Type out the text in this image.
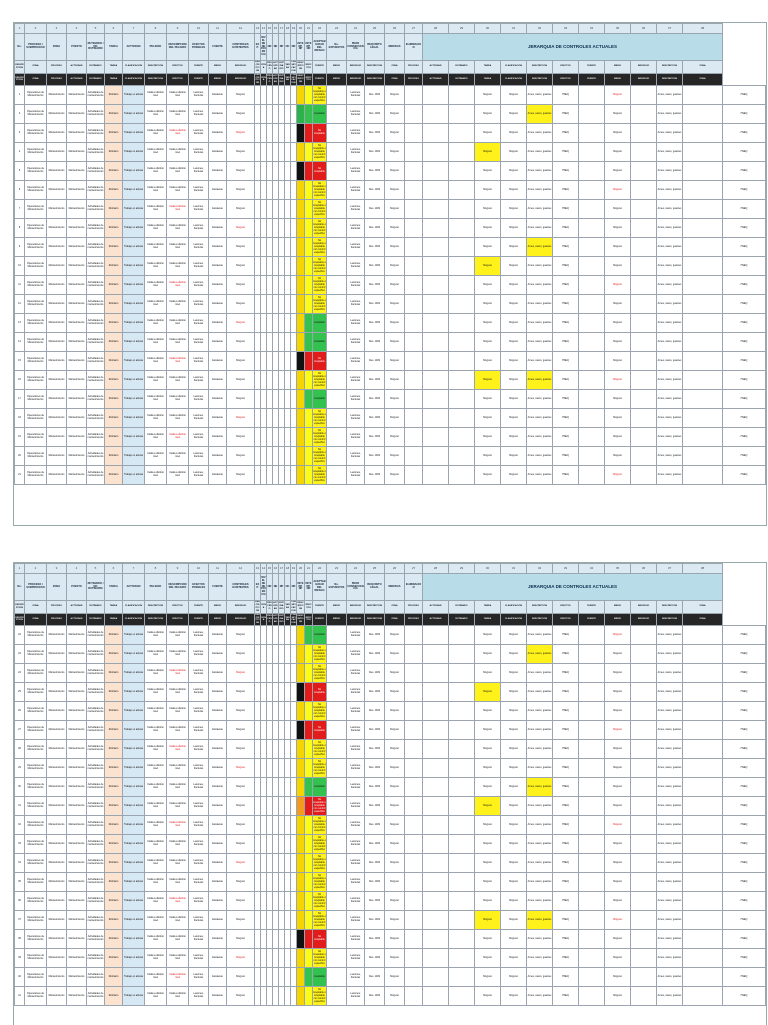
1	2	3	4	5	6	7	8	9	10	11	12	13	14	15	16	17	18	19	20	21	22	23	24	25	26	27	28	29	30	31	32	33	34	35	36	37	38	
No.	PROCESO / SUBPROCESO	ZONA	PUESTO	RUTINARIO / NO RUTINARIO	TAREA	ACTIVIDAD	PELIGRO	DESCRIPCION DEL PELIGRO	EFECTOS POSIBLES	FUENTE	CONTROLES EXISTENTES	EXP.	NIVEL DE DEFICIENCIA	ND	NE	NP	NC	NR	INTERP. NP	INTERP. NR	ACEPTABILIDAD DEL RIESGO	No. EXPUESTOS	PEOR CONSECUENCIA	REQUISITO LEGAL	MEDIDAS	ELIMINACION	JERARQUIA DE CONTROLES ACTUALES											
DESCRIPCION	ZONA	PROCESO	ACTIVIDAD	RUTINARIO	TAREA	CLASIFICACION	DESCRIPCION	EFECTOS	FUENTE	MEDIO	INDIVIDUO	DESCRIPCION	ZONA	PROCESO	ACTIVIDAD	RUTINARIO	TAREA	CLASIFICACION	DESCRIPCION	EFECTOS	FUENTE	MEDIO	INDIVIDUO	DESCRIPCION	ZONA	PROCESO	ACTIVIDAD	RUTINARIO	TAREA	CLASIFICACION	DESCRIPCION	EFECTOS	FUENTE	MEDIO	INDIVIDUO	DESCRIPCION	ZONA	
DESCRIPCION	ZONA	PROCESO	ACTIVIDAD	RUTINARIO	TAREA	CLASIFICACION	DESCRIPCION	EFECTOS	FUENTE	MEDIO	INDIVIDUO	DESCRIPCION	ZONA	PROCESO	ACTIVIDAD	RUTINARIO	TAREA	CLASIFICACION	DESCRIPCION	EFECTOS	FUENTE	MEDIO	INDIVIDUO	DESCRIPCION	ZONA	PROCESO	ACTIVIDAD	RUTINARIO	TAREA	CLASIFICACION	DESCRIPCION	EFECTOS	FUENTE	MEDIO	INDIVIDUO	DESCRIPCION	ZONA	
1	Operaciones de Mantenimiento	Mantenimiento	Mantenimiento	Actividades de mantenimiento	Rutinario	Trabajo en alturas	Caida a distinto nivel	Caida a distinto nivel	Lesiones, fracturas	Escaleras	Ninguno										No Aceptable o Aceptable con control especifico		Lesiones, fracturas	Res. 1409	Ninguno				Ninguno	Ninguno	Arnes, casco, guantes	HSEQ		Ninguno		Arnes, casco, guantes		HSEQ
2	Operaciones de Mantenimiento	Mantenimiento	Mantenimiento	Actividades de mantenimiento	Rutinario	Trabajo en alturas	Caida a distinto nivel	Caida a distinto nivel	Lesiones, fracturas	Escaleras	Ninguno										Aceptable		Lesiones, fracturas	Res. 1409	Ninguno				Ninguno	Ninguno	Arnes, casco, guantes	HSEQ		Ninguno		Arnes, casco, guantes		HSEQ
3	Operaciones de Mantenimiento	Mantenimiento	Mantenimiento	Actividades de mantenimiento	Rutinario	Trabajo en alturas	Caida a distinto nivel	Caida a distinto nivel	Lesiones, fracturas	Escaleras	Ninguno										No Aceptable		Lesiones, fracturas	Res. 1409	Ninguno				Ninguno	Ninguno	Arnes, casco, guantes	HSEQ		Ninguno		Arnes, casco, guantes		HSEQ
4	Operaciones de Mantenimiento	Mantenimiento	Mantenimiento	Actividades de mantenimiento	Rutinario	Trabajo en alturas	Caida a distinto nivel	Caida a distinto nivel	Lesiones, fracturas	Escaleras	Ninguno										No Aceptable o Aceptable con control especifico		Lesiones, fracturas	Res. 1409	Ninguno				Ninguno	Ninguno	Arnes, casco, guantes	HSEQ		Ninguno		Arnes, casco, guantes		HSEQ
5	Operaciones de Mantenimiento	Mantenimiento	Mantenimiento	Actividades de mantenimiento	Rutinario	Trabajo en alturas	Caida a distinto nivel	Caida a distinto nivel	Lesiones, fracturas	Escaleras	Ninguno										No Aceptable		Lesiones, fracturas	Res. 1409	Ninguno				Ninguno	Ninguno	Arnes, casco, guantes	HSEQ		Ninguno		Arnes, casco, guantes		HSEQ
6	Operaciones de Mantenimiento	Mantenimiento	Mantenimiento	Actividades de mantenimiento	Rutinario	Trabajo en alturas	Caida a distinto nivel	Caida a distinto nivel	Lesiones, fracturas	Escaleras	Ninguno										No Aceptable o Aceptable con control especifico		Lesiones, fracturas	Res. 1409	Ninguno				Ninguno	Ninguno	Arnes, casco, guantes	HSEQ		Ninguno		Arnes, casco, guantes		HSEQ
7	Operaciones de Mantenimiento	Mantenimiento	Mantenimiento	Actividades de mantenimiento	Rutinario	Trabajo en alturas	Caida a distinto nivel	Caida a distinto nivel	Lesiones, fracturas	Escaleras	Ninguno										No Aceptable o Aceptable con control especifico		Lesiones, fracturas	Res. 1409	Ninguno				Ninguno	Ninguno	Arnes, casco, guantes	HSEQ		Ninguno		Arnes, casco, guantes		HSEQ
8	Operaciones de Mantenimiento	Mantenimiento	Mantenimiento	Actividades de mantenimiento	Rutinario	Trabajo en alturas	Caida a distinto nivel	Caida a distinto nivel	Lesiones, fracturas	Escaleras	Ninguno										No Aceptable o Aceptable con control especifico		Lesiones, fracturas	Res. 1409	Ninguno				Ninguno	Ninguno	Arnes, casco, guantes	HSEQ		Ninguno		Arnes, casco, guantes		HSEQ
9	Operaciones de Mantenimiento	Mantenimiento	Mantenimiento	Actividades de mantenimiento	Rutinario	Trabajo en alturas	Caida a distinto nivel	Caida a distinto nivel	Lesiones, fracturas	Escaleras	Ninguno										No Aceptable o Aceptable con control especifico		Lesiones, fracturas	Res. 1409	Ninguno				Ninguno	Ninguno	Arnes, casco, guantes	HSEQ		Ninguno		Arnes, casco, guantes		HSEQ
10	Operaciones de Mantenimiento	Mantenimiento	Mantenimiento	Actividades de mantenimiento	Rutinario	Trabajo en alturas	Caida a distinto nivel	Caida a distinto nivel	Lesiones, fracturas	Escaleras	Ninguno										No Aceptable o Aceptable con control especifico		Lesiones, fracturas	Res. 1409	Ninguno				Ninguno	Ninguno	Arnes, casco, guantes	HSEQ		Ninguno		Arnes, casco, guantes		HSEQ
11	Operaciones de Mantenimiento	Mantenimiento	Mantenimiento	Actividades de mantenimiento	Rutinario	Trabajo en alturas	Caida a distinto nivel	Caida a distinto nivel	Lesiones, fracturas	Escaleras	Ninguno										No Aceptable o Aceptable con control especifico		Lesiones, fracturas	Res. 1409	Ninguno				Ninguno	Ninguno	Arnes, casco, guantes	HSEQ		Ninguno		Arnes, casco, guantes		HSEQ
12	Operaciones de Mantenimiento	Mantenimiento	Mantenimiento	Actividades de mantenimiento	Rutinario	Trabajo en alturas	Caida a distinto nivel	Caida a distinto nivel	Lesiones, fracturas	Escaleras	Ninguno										No Aceptable o Aceptable con control especifico		Lesiones, fracturas	Res. 1409	Ninguno				Ninguno	Ninguno	Arnes, casco, guantes	HSEQ		Ninguno		Arnes, casco, guantes		HSEQ
13	Operaciones de Mantenimiento	Mantenimiento	Mantenimiento	Actividades de mantenimiento	Rutinario	Trabajo en alturas	Caida a distinto nivel	Caida a distinto nivel	Lesiones, fracturas	Escaleras	Ninguno										Aceptable		Lesiones, fracturas	Res. 1409	Ninguno				Ninguno	Ninguno	Arnes, casco, guantes	HSEQ		Ninguno		Arnes, casco, guantes		HSEQ
14	Operaciones de Mantenimiento	Mantenimiento	Mantenimiento	Actividades de mantenimiento	Rutinario	Trabajo en alturas	Caida a distinto nivel	Caida a distinto nivel	Lesiones, fracturas	Escaleras	Ninguno										Aceptable		Lesiones, fracturas	Res. 1409	Ninguno				Ninguno	Ninguno	Arnes, casco, guantes	HSEQ		Ninguno		Arnes, casco, guantes		HSEQ
15	Operaciones de Mantenimiento	Mantenimiento	Mantenimiento	Actividades de mantenimiento	Rutinario	Trabajo en alturas	Caida a distinto nivel	Caida a distinto nivel	Lesiones, fracturas	Escaleras	Ninguno										No Aceptable		Lesiones, fracturas	Res. 1409	Ninguno				Ninguno	Ninguno	Arnes, casco, guantes	HSEQ		Ninguno		Arnes, casco, guantes		HSEQ
16	Operaciones de Mantenimiento	Mantenimiento	Mantenimiento	Actividades de mantenimiento	Rutinario	Trabajo en alturas	Caida a distinto nivel	Caida a distinto nivel	Lesiones, fracturas	Escaleras	Ninguno										No Aceptable o Aceptable con control especifico		Lesiones, fracturas	Res. 1409	Ninguno				Ninguno	Ninguno	Arnes, casco, guantes	HSEQ		Ninguno		Arnes, casco, guantes		HSEQ
17	Operaciones de Mantenimiento	Mantenimiento	Mantenimiento	Actividades de mantenimiento	Rutinario	Trabajo en alturas	Caida a distinto nivel	Caida a distinto nivel	Lesiones, fracturas	Escaleras	Ninguno										Aceptable		Lesiones, fracturas	Res. 1409	Ninguno				Ninguno	Ninguno	Arnes, casco, guantes	HSEQ		Ninguno		Arnes, casco, guantes		HSEQ
18	Operaciones de Mantenimiento	Mantenimiento	Mantenimiento	Actividades de mantenimiento	Rutinario	Trabajo en alturas	Caida a distinto nivel	Caida a distinto nivel	Lesiones, fracturas	Escaleras	Ninguno										No Aceptable o Aceptable con control especifico		Lesiones, fracturas	Res. 1409	Ninguno				Ninguno	Ninguno	Arnes, casco, guantes	HSEQ		Ninguno		Arnes, casco, guantes		HSEQ
19	Operaciones de Mantenimiento	Mantenimiento	Mantenimiento	Actividades de mantenimiento	Rutinario	Trabajo en alturas	Caida a distinto nivel	Caida a distinto nivel	Lesiones, fracturas	Escaleras	Ninguno										No Aceptable o Aceptable con control especifico		Lesiones, fracturas	Res. 1409	Ninguno				Ninguno	Ninguno	Arnes, casco, guantes	HSEQ		Ninguno		Arnes, casco, guantes		HSEQ
20	Operaciones de Mantenimiento	Mantenimiento	Mantenimiento	Actividades de mantenimiento	Rutinario	Trabajo en alturas	Caida a distinto nivel	Caida a distinto nivel	Lesiones, fracturas	Escaleras	Ninguno										No Aceptable o Aceptable con control especifico		Lesiones, fracturas	Res. 1409	Ninguno				Ninguno	Ninguno	Arnes, casco, guantes	HSEQ		Ninguno		Arnes, casco, guantes		HSEQ
21	Operaciones de Mantenimiento	Mantenimiento	Mantenimiento	Actividades de mantenimiento	Rutinario	Trabajo en alturas	Caida a distinto nivel	Caida a distinto nivel	Lesiones, fracturas	Escaleras	Ninguno										No Aceptable o Aceptable con control especifico		Lesiones, fracturas	Res. 1409	Ninguno				Ninguno	Ninguno	Arnes, casco, guantes	HSEQ		Ninguno		Arnes, casco, guantes		HSEQ
1	2	3	4	5	6	7	8	9	10	11	12	13	14	15	16	17	18	19	20	21	22	23	24	25	26	27	28	29	30	31	32	33	34	35	36	37	38	
No.	PROCESO / SUBPROCESO	ZONA	PUESTO	RUTINARIO / NO RUTINARIO	TAREA	ACTIVIDAD	PELIGRO	DESCRIPCION DEL PELIGRO	EFECTOS POSIBLES	FUENTE	CONTROLES EXISTENTES	EXP.	NIVEL DE DEFICIENCIA	ND	NE	NP	NC	NR	INTERP. NP	INTERP. NR	ACEPTABILIDAD DEL RIESGO	No. EXPUESTOS	PEOR CONSECUENCIA	REQUISITO LEGAL	MEDIDAS	ELIMINACION	JERARQUIA DE CONTROLES ACTUALES											
DESCRIPCION	ZONA	PROCESO	ACTIVIDAD	RUTINARIO	TAREA	CLASIFICACION	DESCRIPCION	EFECTOS	FUENTE	MEDIO	INDIVIDUO	DESCRIPCION	ZONA	PROCESO	ACTIVIDAD	RUTINARIO	TAREA	CLASIFICACION	DESCRIPCION	EFECTOS	FUENTE	MEDIO	INDIVIDUO	DESCRIPCION	ZONA	PROCESO	ACTIVIDAD	RUTINARIO	TAREA	CLASIFICACION	DESCRIPCION	EFECTOS	FUENTE	MEDIO	INDIVIDUO	DESCRIPCION	ZONA	
DESCRIPCION	ZONA	PROCESO	ACTIVIDAD	RUTINARIO	TAREA	CLASIFICACION	DESCRIPCION	EFECTOS	FUENTE	MEDIO	INDIVIDUO	DESCRIPCION	ZONA	PROCESO	ACTIVIDAD	RUTINARIO	TAREA	CLASIFICACION	DESCRIPCION	EFECTOS	FUENTE	MEDIO	INDIVIDUO	DESCRIPCION	ZONA	PROCESO	ACTIVIDAD	RUTINARIO	TAREA	CLASIFICACION	DESCRIPCION	EFECTOS	FUENTE	MEDIO	INDIVIDUO	DESCRIPCION	ZONA	
22	Operaciones de Mantenimiento	Mantenimiento	Mantenimiento	Actividades de mantenimiento	Rutinario	Trabajo en alturas	Caida a distinto nivel	Caida a distinto nivel	Lesiones, fracturas	Escaleras	Ninguno										Aceptable		Lesiones, fracturas	Res. 1409	Ninguno				Ninguno	Ninguno	Arnes, casco, guantes	HSEQ		Ninguno		Arnes, casco, guantes		HSEQ
23	Operaciones de Mantenimiento	Mantenimiento	Mantenimiento	Actividades de mantenimiento	Rutinario	Trabajo en alturas	Caida a distinto nivel	Caida a distinto nivel	Lesiones, fracturas	Escaleras	Ninguno										No Aceptable o Aceptable con control especifico		Lesiones, fracturas	Res. 1409	Ninguno				Ninguno	Ninguno	Arnes, casco, guantes	HSEQ		Ninguno		Arnes, casco, guantes		HSEQ
24	Operaciones de Mantenimiento	Mantenimiento	Mantenimiento	Actividades de mantenimiento	Rutinario	Trabajo en alturas	Caida a distinto nivel	Caida a distinto nivel	Lesiones, fracturas	Escaleras	Ninguno										No Aceptable o Aceptable con control especifico		Lesiones, fracturas	Res. 1409	Ninguno				Ninguno	Ninguno	Arnes, casco, guantes	HSEQ		Ninguno		Arnes, casco, guantes		HSEQ
25	Operaciones de Mantenimiento	Mantenimiento	Mantenimiento	Actividades de mantenimiento	Rutinario	Trabajo en alturas	Caida a distinto nivel	Caida a distinto nivel	Lesiones, fracturas	Escaleras	Ninguno										No Aceptable		Lesiones, fracturas	Res. 1409	Ninguno				Ninguno	Ninguno	Arnes, casco, guantes	HSEQ		Ninguno		Arnes, casco, guantes		HSEQ
26	Operaciones de Mantenimiento	Mantenimiento	Mantenimiento	Actividades de mantenimiento	Rutinario	Trabajo en alturas	Caida a distinto nivel	Caida a distinto nivel	Lesiones, fracturas	Escaleras	Ninguno										No Aceptable o Aceptable con control especifico		Lesiones, fracturas	Res. 1409	Ninguno				Ninguno	Ninguno	Arnes, casco, guantes	HSEQ		Ninguno		Arnes, casco, guantes		HSEQ
27	Operaciones de Mantenimiento	Mantenimiento	Mantenimiento	Actividades de mantenimiento	Rutinario	Trabajo en alturas	Caida a distinto nivel	Caida a distinto nivel	Lesiones, fracturas	Escaleras	Ninguno										No Aceptable		Lesiones, fracturas	Res. 1409	Ninguno				Ninguno	Ninguno	Arnes, casco, guantes	HSEQ		Ninguno		Arnes, casco, guantes		HSEQ
28	Operaciones de Mantenimiento	Mantenimiento	Mantenimiento	Actividades de mantenimiento	Rutinario	Trabajo en alturas	Caida a distinto nivel	Caida a distinto nivel	Lesiones, fracturas	Escaleras	Ninguno										No Aceptable o Aceptable con control especifico		Lesiones, fracturas	Res. 1409	Ninguno				Ninguno	Ninguno	Arnes, casco, guantes	HSEQ		Ninguno		Arnes, casco, guantes		HSEQ
29	Operaciones de Mantenimiento	Mantenimiento	Mantenimiento	Actividades de mantenimiento	Rutinario	Trabajo en alturas	Caida a distinto nivel	Caida a distinto nivel	Lesiones, fracturas	Escaleras	Ninguno										No Aceptable o Aceptable con control especifico		Lesiones, fracturas	Res. 1409	Ninguno				Ninguno	Ninguno	Arnes, casco, guantes	HSEQ		Ninguno		Arnes, casco, guantes		HSEQ
30	Operaciones de Mantenimiento	Mantenimiento	Mantenimiento	Actividades de mantenimiento	Rutinario	Trabajo en alturas	Caida a distinto nivel	Caida a distinto nivel	Lesiones, fracturas	Escaleras	Ninguno										Aceptable		Lesiones, fracturas	Res. 1409	Ninguno				Ninguno	Ninguno	Arnes, casco, guantes	HSEQ		Ninguno		Arnes, casco, guantes		HSEQ
31	Operaciones de Mantenimiento	Mantenimiento	Mantenimiento	Actividades de mantenimiento	Rutinario	Trabajo en alturas	Caida a distinto nivel	Caida a distinto nivel	Lesiones, fracturas	Escaleras	Ninguno										No Aceptable o Aceptable con control especifico		Lesiones, fracturas	Res. 1409	Ninguno				Ninguno	Ninguno	Arnes, casco, guantes	HSEQ		Ninguno		Arnes, casco, guantes		HSEQ
32	Operaciones de Mantenimiento	Mantenimiento	Mantenimiento	Actividades de mantenimiento	Rutinario	Trabajo en alturas	Caida a distinto nivel	Caida a distinto nivel	Lesiones, fracturas	Escaleras	Ninguno										No Aceptable o Aceptable con control especifico		Lesiones, fracturas	Res. 1409	Ninguno				Ninguno	Ninguno	Arnes, casco, guantes	HSEQ		Ninguno		Arnes, casco, guantes		HSEQ
33	Operaciones de Mantenimiento	Mantenimiento	Mantenimiento	Actividades de mantenimiento	Rutinario	Trabajo en alturas	Caida a distinto nivel	Caida a distinto nivel	Lesiones, fracturas	Escaleras	Ninguno										No Aceptable o Aceptable con control especifico		Lesiones, fracturas	Res. 1409	Ninguno				Ninguno	Ninguno	Arnes, casco, guantes	HSEQ		Ninguno		Arnes, casco, guantes		HSEQ
34	Operaciones de Mantenimiento	Mantenimiento	Mantenimiento	Actividades de mantenimiento	Rutinario	Trabajo en alturas	Caida a distinto nivel	Caida a distinto nivel	Lesiones, fracturas	Escaleras	Ninguno										No Aceptable o Aceptable con control especifico		Lesiones, fracturas	Res. 1409	Ninguno				Ninguno	Ninguno	Arnes, casco, guantes	HSEQ		Ninguno		Arnes, casco, guantes		HSEQ
35	Operaciones de Mantenimiento	Mantenimiento	Mantenimiento	Actividades de mantenimiento	Rutinario	Trabajo en alturas	Caida a distinto nivel	Caida a distinto nivel	Lesiones, fracturas	Escaleras	Ninguno										No Aceptable o Aceptable con control especifico		Lesiones, fracturas	Res. 1409	Ninguno				Ninguno	Ninguno	Arnes, casco, guantes	HSEQ		Ninguno		Arnes, casco, guantes		HSEQ
36	Operaciones de Mantenimiento	Mantenimiento	Mantenimiento	Actividades de mantenimiento	Rutinario	Trabajo en alturas	Caida a distinto nivel	Caida a distinto nivel	Lesiones, fracturas	Escaleras	Ninguno										No Aceptable o Aceptable con control especifico		Lesiones, fracturas	Res. 1409	Ninguno				Ninguno	Ninguno	Arnes, casco, guantes	HSEQ		Ninguno		Arnes, casco, guantes		HSEQ
37	Operaciones de Mantenimiento	Mantenimiento	Mantenimiento	Actividades de mantenimiento	Rutinario	Trabajo en alturas	Caida a distinto nivel	Caida a distinto nivel	Lesiones, fracturas	Escaleras	Ninguno										No Aceptable o Aceptable con control especifico		Lesiones, fracturas	Res. 1409	Ninguno				Ninguno	Ninguno	Arnes, casco, guantes	HSEQ		Ninguno		Arnes, casco, guantes		HSEQ
38	Operaciones de Mantenimiento	Mantenimiento	Mantenimiento	Actividades de mantenimiento	Rutinario	Trabajo en alturas	Caida a distinto nivel	Caida a distinto nivel	Lesiones, fracturas	Escaleras	Ninguno										No Aceptable		Lesiones, fracturas	Res. 1409	Ninguno				Ninguno	Ninguno	Arnes, casco, guantes	HSEQ		Ninguno		Arnes, casco, guantes		HSEQ
39	Operaciones de Mantenimiento	Mantenimiento	Mantenimiento	Actividades de mantenimiento	Rutinario	Trabajo en alturas	Caida a distinto nivel	Caida a distinto nivel	Lesiones, fracturas	Escaleras	Ninguno										No Aceptable o Aceptable con control especifico		Lesiones, fracturas	Res. 1409	Ninguno				Ninguno	Ninguno	Arnes, casco, guantes	HSEQ		Ninguno		Arnes, casco, guantes		HSEQ
40	Operaciones de Mantenimiento	Mantenimiento	Mantenimiento	Actividades de mantenimiento	Rutinario	Trabajo en alturas	Caida a distinto nivel	Caida a distinto nivel	Lesiones, fracturas	Escaleras	Ninguno										Aceptable		Lesiones, fracturas	Res. 1409	Ninguno				Ninguno	Ninguno	Arnes, casco, guantes	HSEQ		Ninguno		Arnes, casco, guantes		HSEQ
41	Operaciones de Mantenimiento	Mantenimiento	Mantenimiento	Actividades de mantenimiento	Rutinario	Trabajo en alturas	Caida a distinto nivel	Caida a distinto nivel	Lesiones, fracturas	Escaleras	Ninguno										No Aceptable o Aceptable con control especifico		Lesiones, fracturas	Res. 1409	Ninguno				Ninguno	Ninguno	Arnes, casco, guantes	HSEQ		Ninguno		Arnes, casco, guantes		HSEQ
